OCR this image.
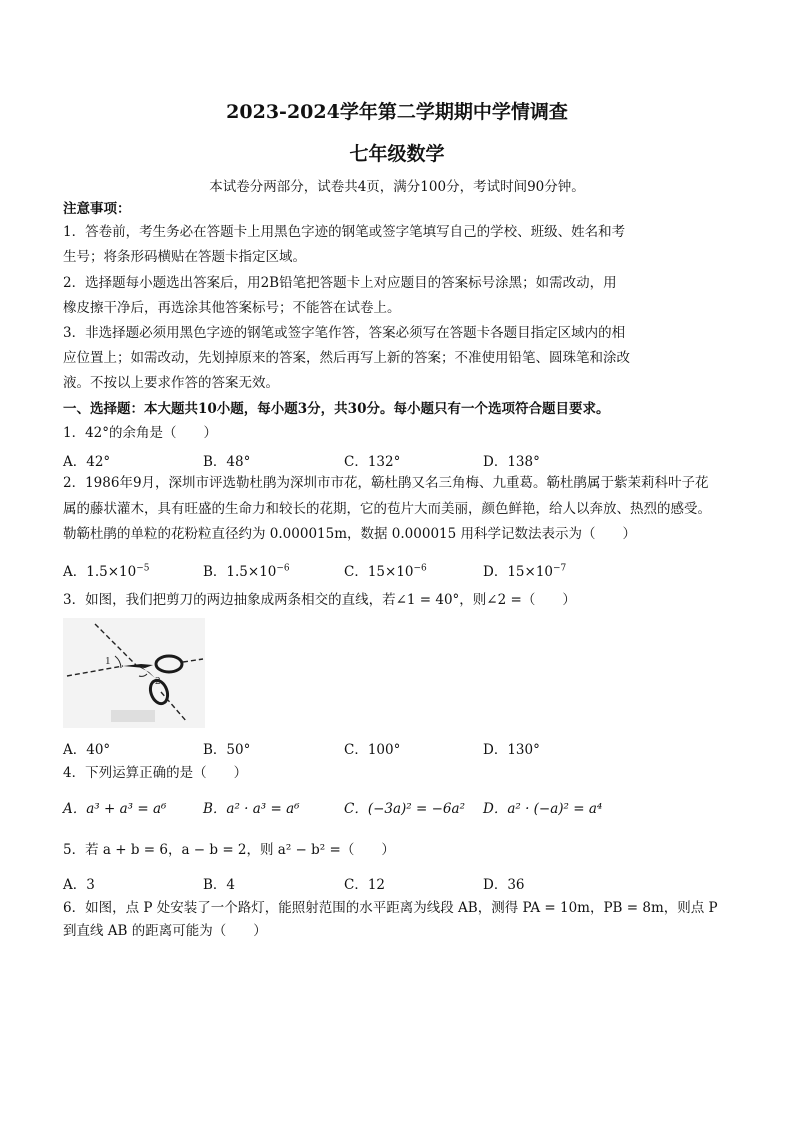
2023-2024学年第二学期期中学情调查
七年级数学
本试卷分两部分，试卷共4页，满分100分，考试时间90分钟。
注意事项：
1．答卷前，考生务必在答题卡上用黑色字迹的钢笔或签字笔填写自己的学校、班级、姓名和考
生号；将条形码横贴在答题卡指定区域。
2．选择题每小题选出答案后，用2B铅笔把答题卡上对应题目的答案标号涂黑；如需改动，用
橡皮擦干净后，再选涂其他答案标号；不能答在试卷上。
3．非选择题必须用黑色字迹的钢笔或签字笔作答，答案必须写在答题卡各题目指定区域内的相
应位置上；如需改动，先划掉原来的答案，然后再写上新的答案；不准使用铅笔、圆珠笔和涂改
液。不按以上要求作答的答案无效。
一、选择题：本大题共10小题，每小题3分，共30分。每小题只有一个选项符合题目要求。
1．42°的余角是（　　）
A．42°	B．48°	C．132°	D．138°
2．1986年9月，深圳市评选勒杜鹃为深圳市市花，簕杜鹃又名三角梅、九重葛。簕杜鹃属于紫茉莉科叶子花
属的藤状灌木，具有旺盛的生命力和较长的花期，它的苞片大而美丽，颜色鲜艳，给人以奔放、热烈的感受。
勒簕杜鹃的单粒的花粉粒直径约为 0.000015m，数据 0.000015 用科学记数法表示为（　　）
A．$1.5\times 10^{-5}$	B．$1.5\times 10^{-6}$	C．$15\times 10^{-6}$	D．$15\times 10^{-7}$
3．如图，我们把剪刀的两边抽象成两条相交的直线，若∠1 = 40°，则∠2 =（　　）
1
2
A．40°	B．50°	C．100°	D．130°
4．下列运算正确的是（　　）
A．a³ + a³ = a⁶	B．a² · a³ = a⁶	C．(−3a)² = −6a² D．a² · (−a)² = a⁴
5．若 a + b = 6，a − b = 2，则 a² − b² =（　　）
A．3	B．4	C．12	D．36
6．如图，点 P 处安装了一个路灯，能照射范围的水平距离为线段 AB，测得 PA = 10m，PB = 8m，则点 P
到直线 AB 的距离可能为（　　）
